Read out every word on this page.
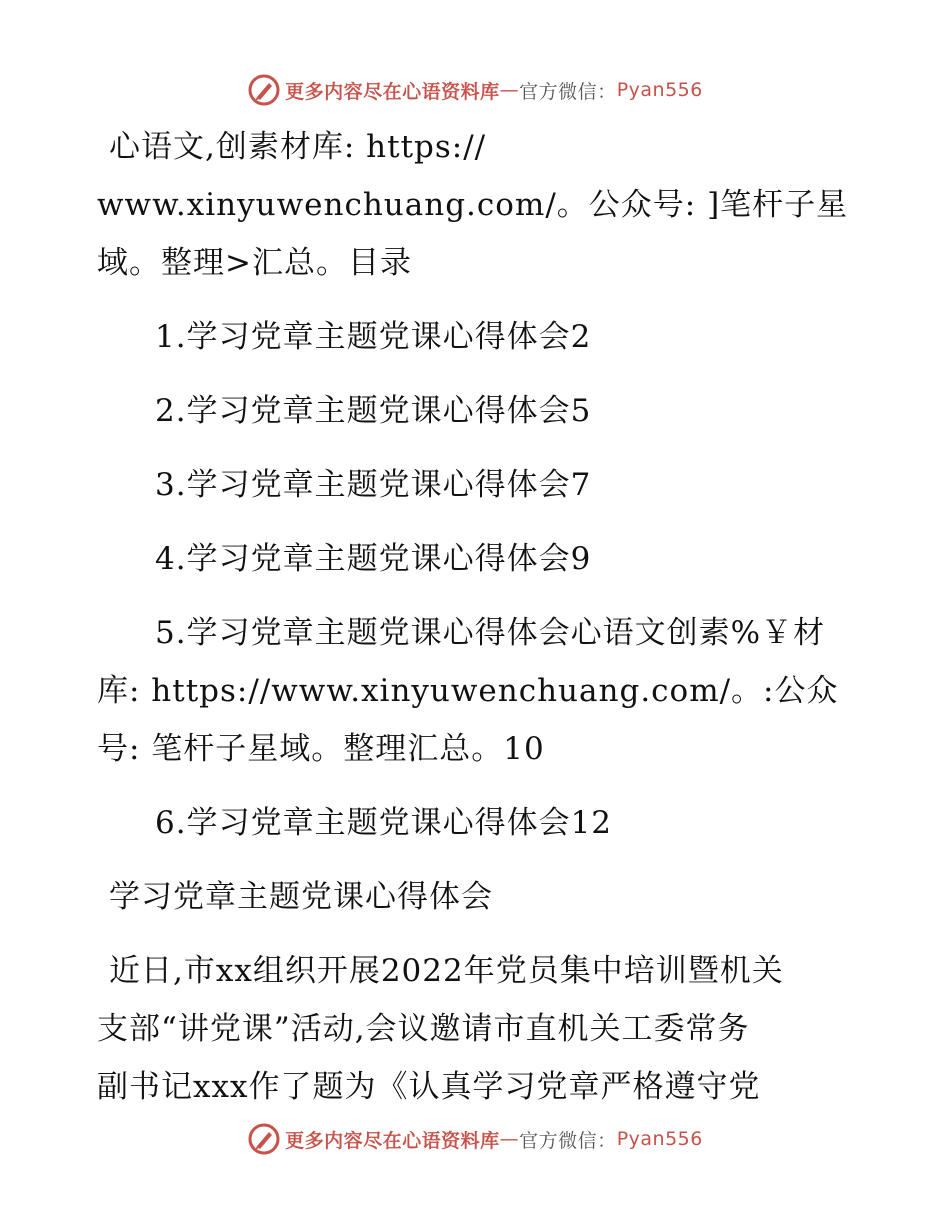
更多内容尽在心语资料库 — 官方微信： Pyan556
心语文,创素材库: https://
www.xinyuwenchuang.com/。公众号: ]笔杆子星
域。整理>汇总。目录
1.学习党章主题党课心得体会2
2.学习党章主题党课心得体会5
3.学习党章主题党课心得体会7
4.学习党章主题党课心得体会9
5.学习党章主题党课心得体会心语文创素%￥材
库: https://www.xinyuwenchuang.com/。:公众
号: 笔杆子星域。整理汇总。10
6.学习党章主题党课心得体会12
学习党章主题党课心得体会
近日,市xx组织开展2022年党员集中培训暨机关
支部“讲党课”活动,会议邀请市直机关工委常务
副书记xxx作了题为《认真学习党章严格遵守党
更多内容尽在心语资料库 — 官方微信： Pyan556
